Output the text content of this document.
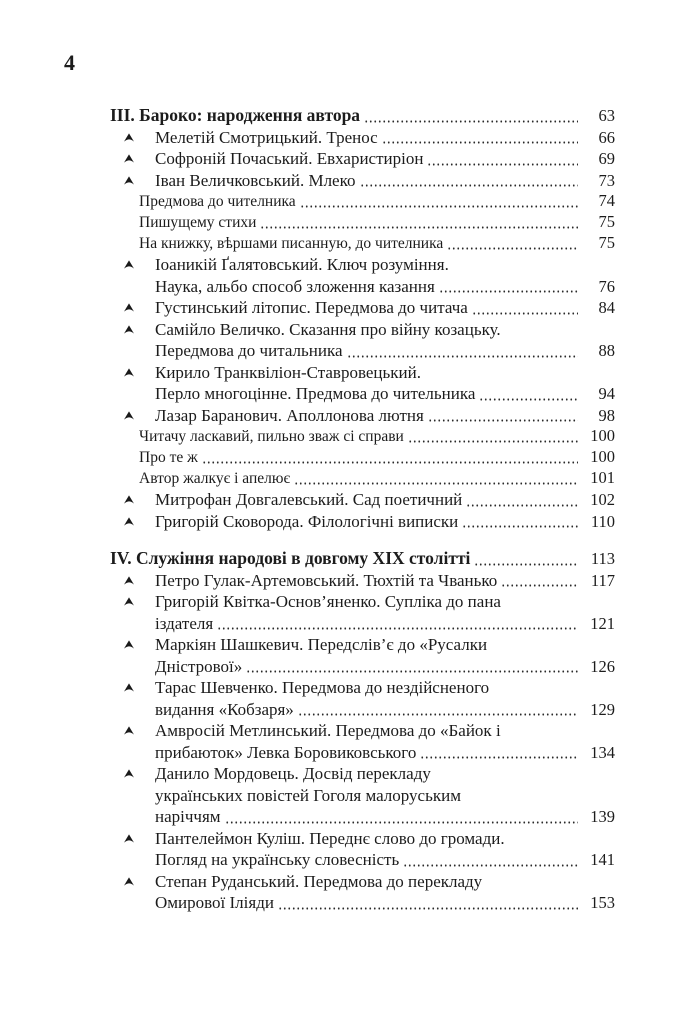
4
III. Бароко: народження автора	63
Мелетій Смотрицький. Тренос	66
Софроній Почаський. Евхаристиріон	69
Іван Величковський. Млеко	73
Предмова до чителника	74
Пишущему стихи	75
На книжку, вѣршами писанную, до чителника	75
Іоаникій Ґалятовський. Ключ розуміння.
Наука, альбо способ зложення казання	76
Густинський літопис. Передмова до читача	84
Самійло Величко. Сказання про війну козацьку.
Передмова до читальника	88
Кирило Транквіліон-Ставровецький.
Перло многоцінне. Предмова до чительника	94
Лазар Баранович. Аполлонова лютня	98
Читачу ласкавий, пильно зваж сі справи	100
Про те ж	100
Автор жалкує і апелює	101
Митрофан Довгалевський. Сад поетичний	102
Григорій Сковорода. Філологічні виписки	110
IV. Служіння народові в довгому XIX столітті	113
Петро Гулак-Артемовський. Тюхтій та Чванько	117
Григорій Квітка-Основ’яненко. Супліка до пана
іздателя	121
Маркіян Шашкевич. Передслів’є до «Русалки
Дністрової»	126
Тарас Шевченко. Передмова до нездійсненого
видання «Кобзаря»	129
Амвросій Метлинський. Передмова до «Байок і
прибаюток» Левка Боровиковського	134
Данило Мордовець. Досвід перекладу
українських повістей Гоголя малоруським
наріччям	139
Пантелеймон Куліш. Переднє слово до громади.
Погляд на українську словесність	141
Степан Руданський. Передмова до перекладу
Омирової Іліяди	153
